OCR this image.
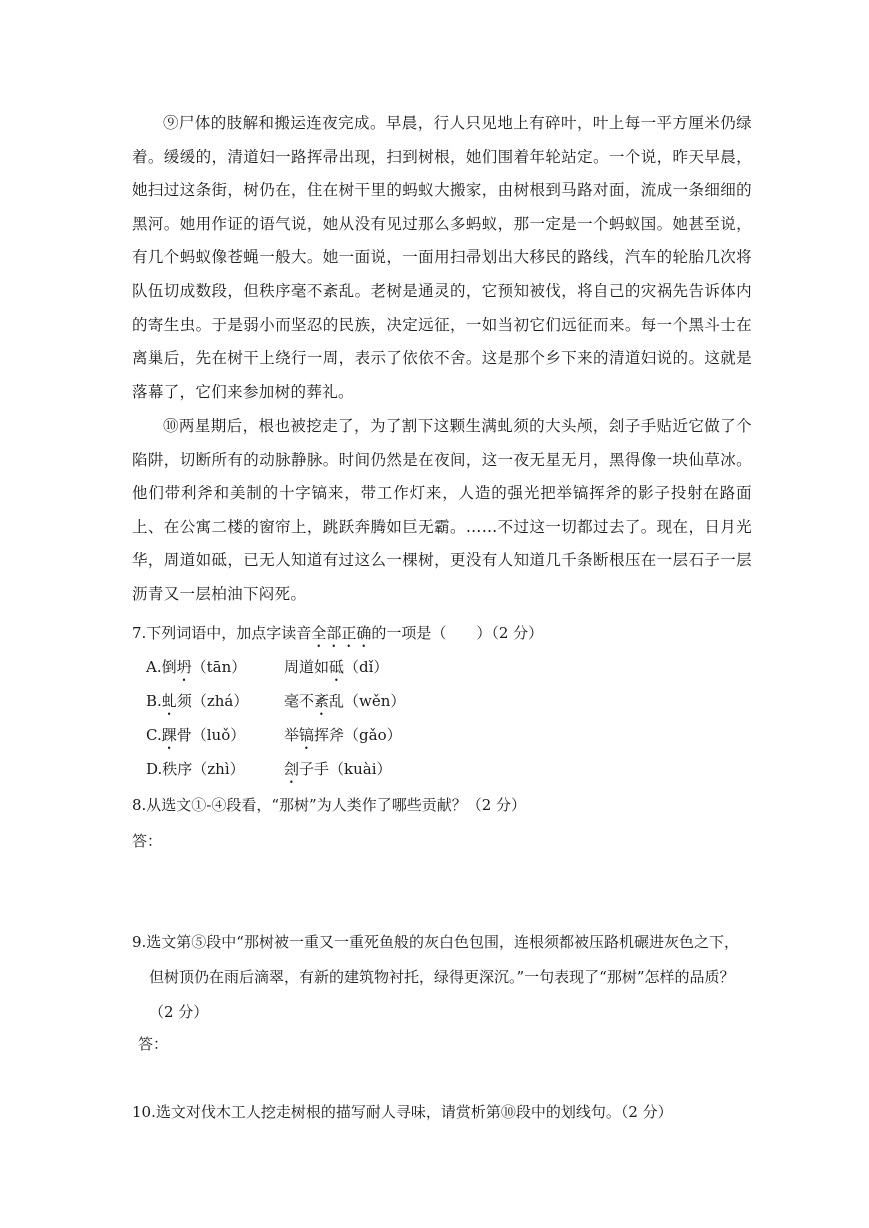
⑨尸体的肢解和搬运连夜完成。早晨，行人只见地上有碎叶，叶上每一平方厘米仍绿着。缓缓的，清道妇一路挥帚出现，扫到树根，她们围着年轮站定。一个说，昨天早晨，她扫过这条街，树仍在，住在树干里的蚂蚁大搬家，由树根到马路对面，流成一条细细的黑河。她用作证的语气说，她从没有见过那么多蚂蚁，那一定是一个蚂蚁国。她甚至说，有几个蚂蚁像苍蝇一般大。她一面说，一面用扫帚划出大移民的路线，汽车的轮胎几次将队伍切成数段，但秩序毫不紊乱。老树是通灵的，它预知被伐，将自己的灾祸先告诉体内的寄生虫。于是弱小而坚忍的民族，决定远征，一如当初它们远征而来。每一个黑斗士在离巢后，先在树干上绕行一周，表示了依依不舍。这是那个乡下来的清道妇说的。这就是落幕了，它们来参加树的葬礼。

⑩两星期后，根也被挖走了，为了割下这颗生满虬须的大头颅，刽子手贴近它做了个陷阱，切断所有的动脉静脉。时间仍然是在夜间，这一夜无星无月，黑得像一块仙草冰。他们带利斧和美制的十字镐来，带工作灯来，人造的强光把举镐挥斧的影子投射在路面上、在公寓二楼的窗帘上，跳跃奔腾如巨无霸。……不过这一切都过去了。现在，日月光华，周道如砥，已无人知道有过这么一棵树，更没有人知道几千条断根压在一层石子一层沥青又一层柏油下闷死。

7.下列词语中，加点字读音全部正确的一项是（　　）（2 分）
A.倒坍（tān）	周道如砥（dǐ）
B.虬须（zhá） 毫不紊乱（wěn）
C.踝骨（luǒ）	举镐挥斧（gǎo）
D.秩序（zhì）	刽子手（kuài）
8.从选文①-④段看，“那树”为人类作了哪些贡献？（2 分）
答：

9.选文第⑤段中“那树被一重又一重死鱼般的灰白色包围，连根须都被压路机碾进灰色之下，
但树顶仍在雨后滴翠，有新的建筑物衬托，绿得更深沉。”一句表现了“那树”怎样的品质？（2 分）

答：
10.选文对伐木工人挖走树根的描写耐人寻味，请赏析第⑩段中的划线句。（2 分）
